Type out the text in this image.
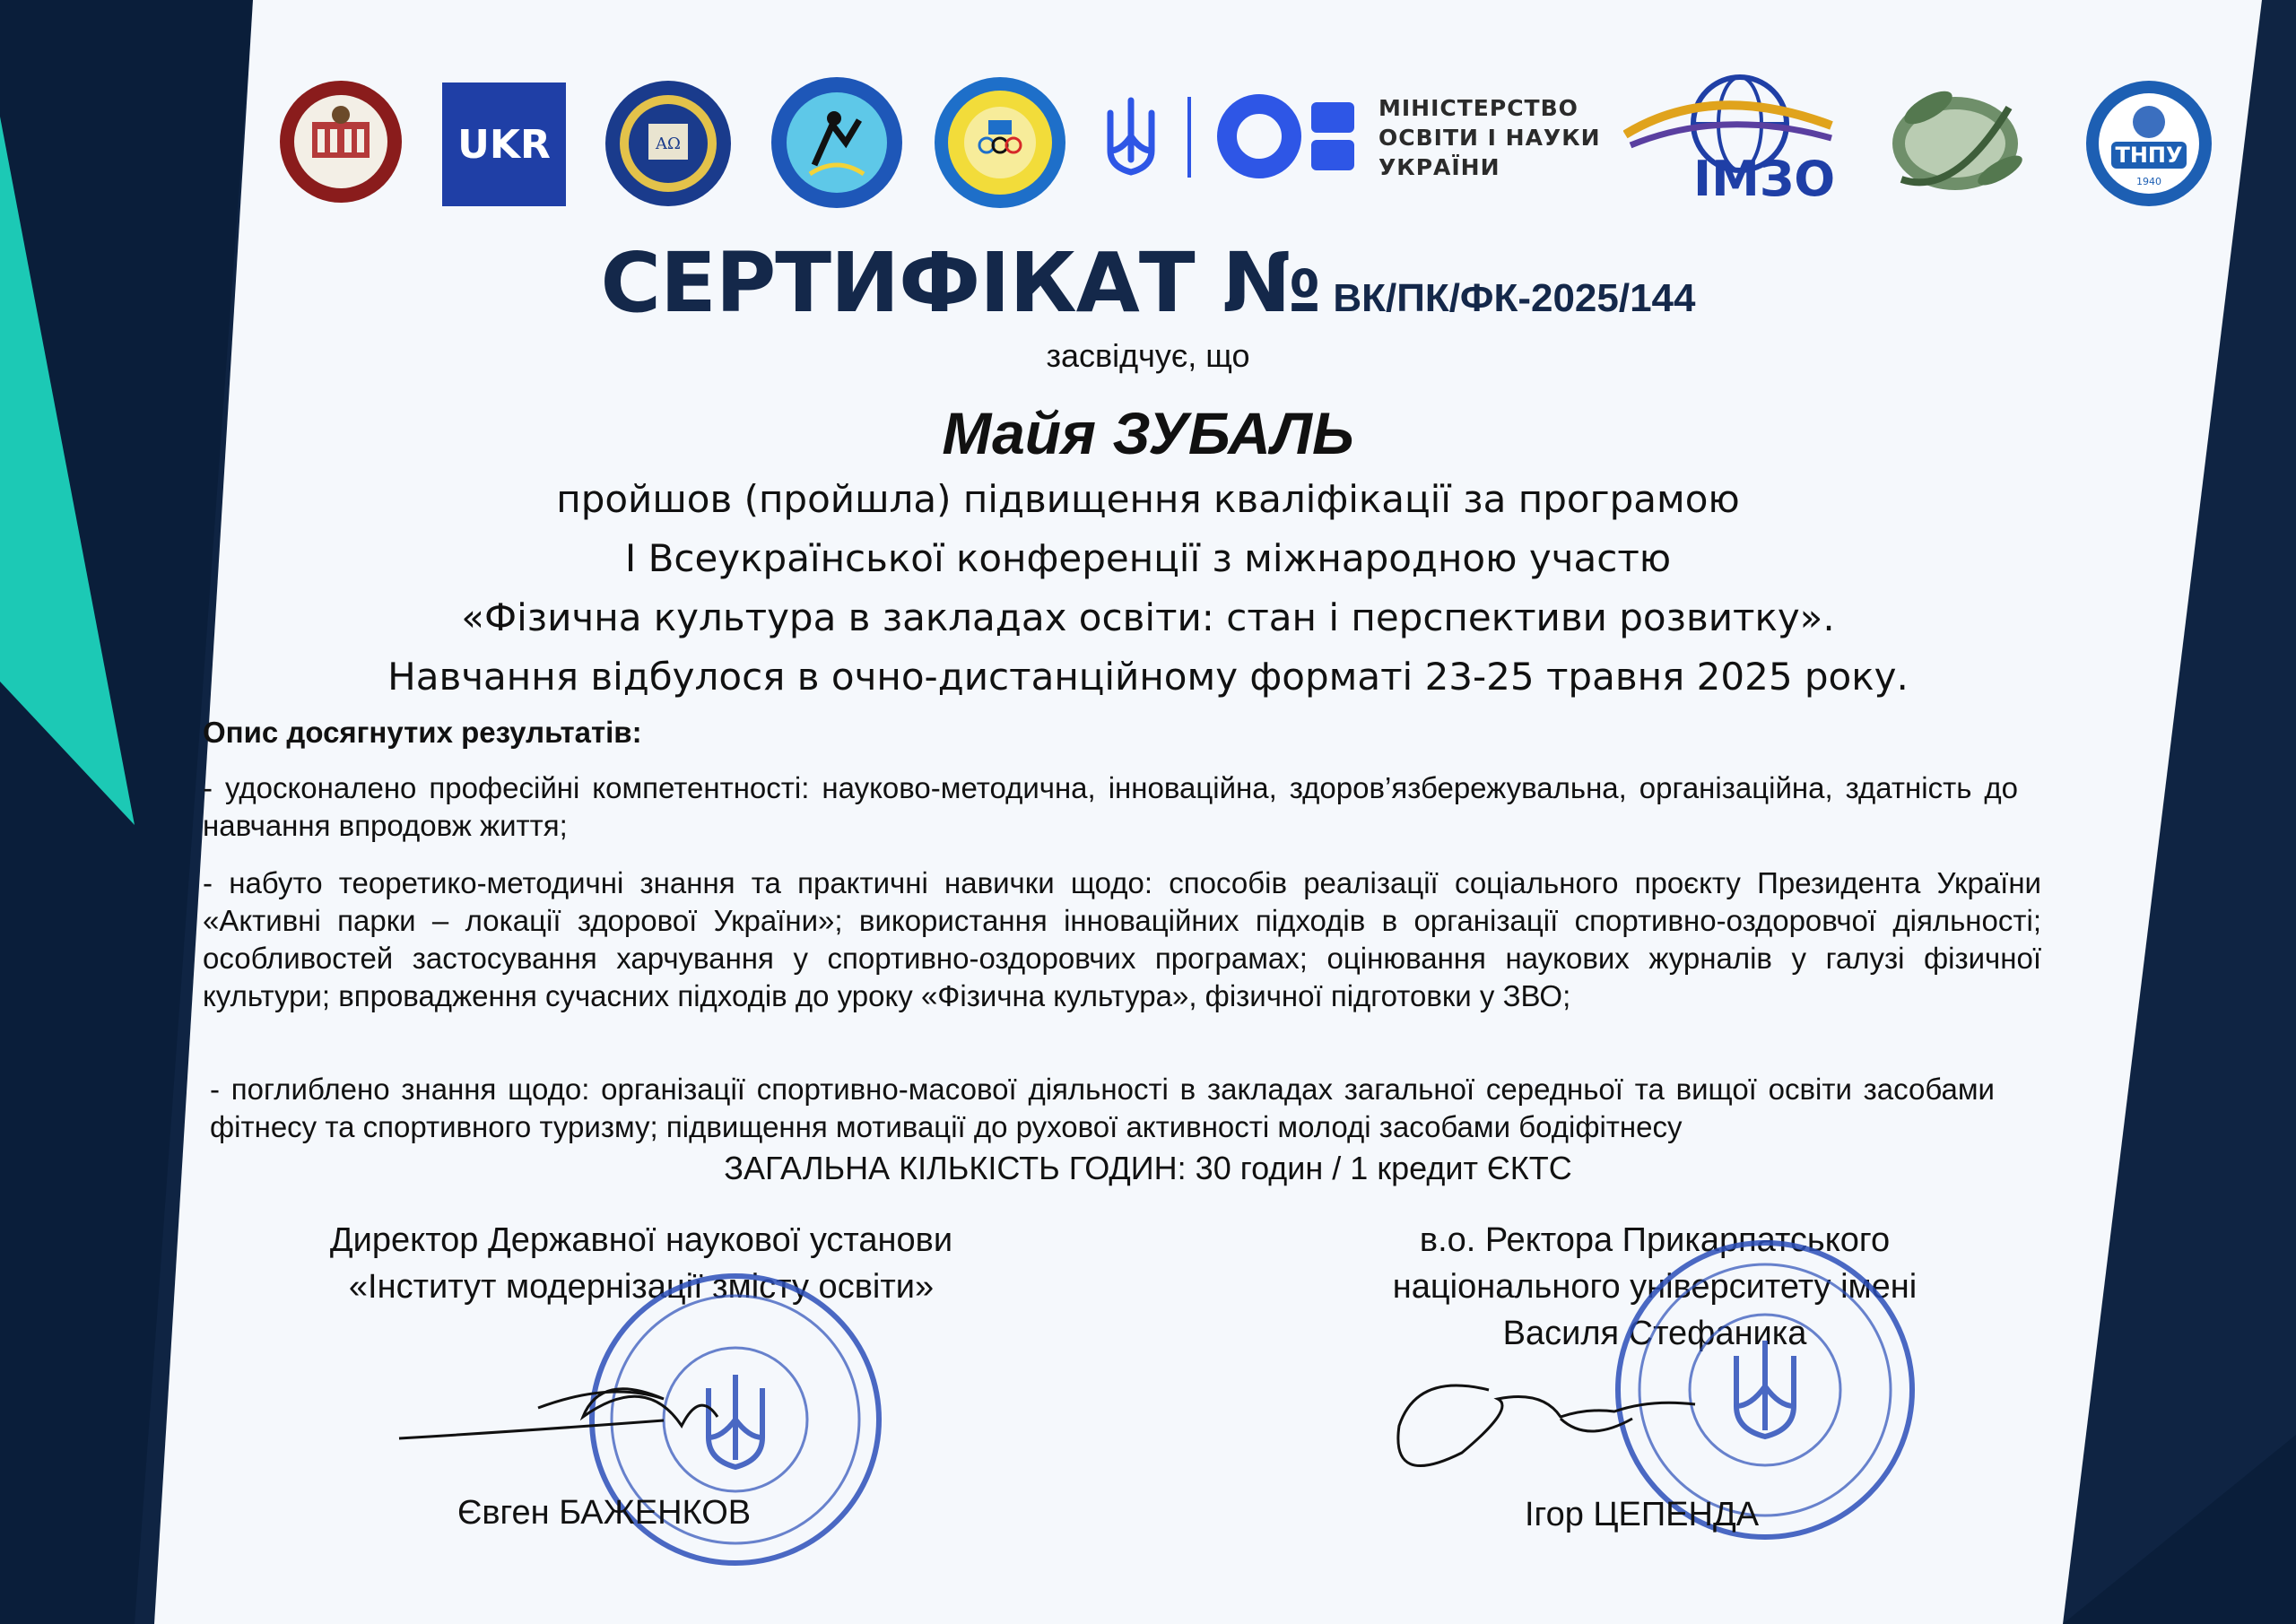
UKR	ΑΩ
МІНІСТЕРСТВО
ОСВІТИ І НАУКИ
УКРАЇНИ	ІМЗО	ТНПУ
1940
СЕРТИФІКАТ № ВК/ПК/ФК-2025/144
засвідчує, що
Майя ЗУБАЛЬ
пройшов (пройшла) підвищення кваліфікації за програмою
І Всеукраїнської конференції з міжнародною участю
«Фізична культура в закладах освіти: стан і перспективи розвитку».
Навчання відбулося в очно-дистанційному форматі 23-25 травня 2025 року.
Опис досягнутих результатів:
- удосконалено професійні компетентності: науково-методична, інноваційна, здоров’язбережувальна, організаційна, здатність до навчання впродовж життя;
- набуто теоретико-методичні знання та практичні навички щодо: способів реалізації соціального проєкту Президента України «Активні парки – локації здорової України»; використання інноваційних підходів в організації спортивно-оздоровчої діяльності; особливостей застосування харчування у спортивно-оздоровчих програмах; оцінювання наукових журналів у галузі фізичної культури; впровадження сучасних підходів до уроку «Фізична культура», фізичної підготовки у ЗВО;
- поглиблено знання щодо: організації спортивно-масової діяльності в закладах загальної середньої та вищої освіти засобами фітнесу та спортивного туризму; підвищення мотивації до рухової активності молоді засобами бодіфітнесу
ЗАГАЛЬНА КІЛЬКІСТЬ ГОДИН: 30 годин / 1 кредит ЄКТС
Директор Державної наукової установи
«Інститут модернізації змісту освіти»
Євген БАЖЕНКОВ
в.о. Ректора Прикарпатського
національного університету імені
Василя Стефаника
Ігор ЦЕПЕНДА
